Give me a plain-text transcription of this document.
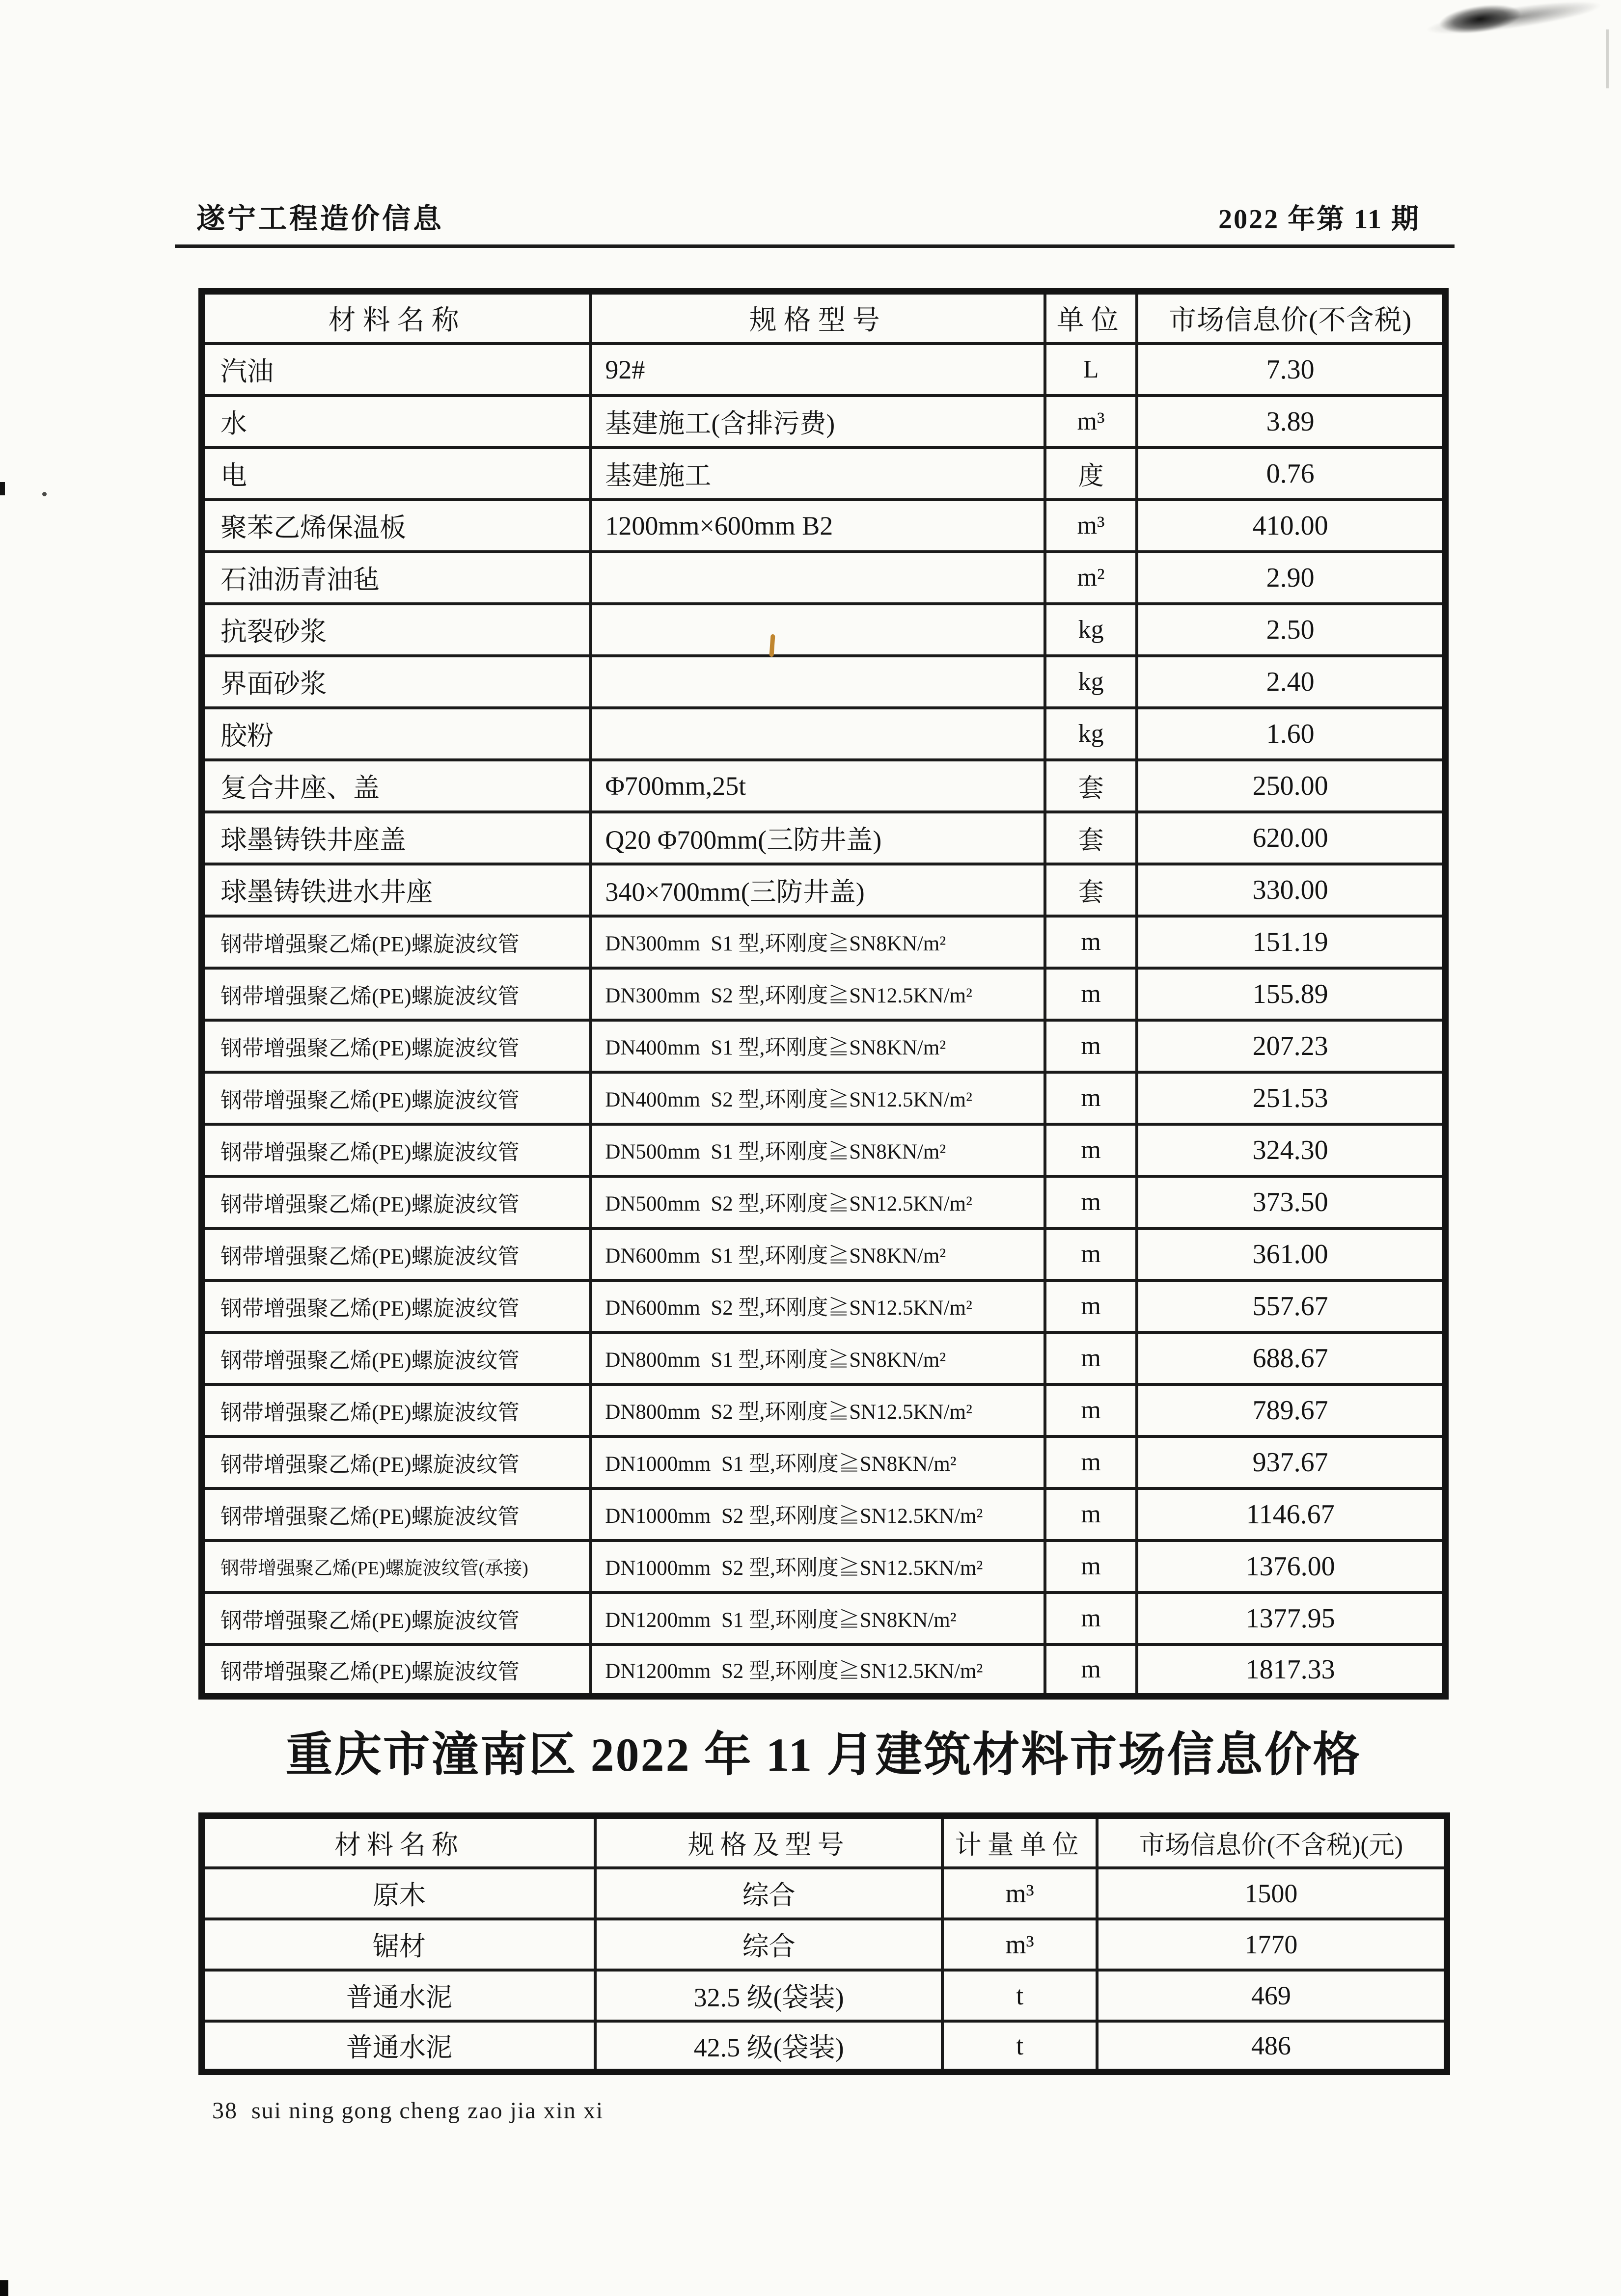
遂宁工程造价信息	2022 年第 11 期
材料名称	规格型号	单位	市场信息价(不含税)
汽油	92#	L	7.30
水	基建施工(含排污费)	m³	3.89
电	基建施工	度	0.76
聚苯乙烯保温板	1200mm×600mm B2	m³	410.00
石油沥青油毡		m²	2.90
抗裂砂浆		kg	2.50
界面砂浆		kg	2.40
胶粉		kg	1.60
复合井座、盖	Φ700mm,25t	套	250.00
球墨铸铁井座盖	Q20 Φ700mm(三防井盖)	套	620.00
球墨铸铁进水井座	340×700mm(三防井盖)	套	330.00
钢带增强聚乙烯(PE)螺旋波纹管	DN300mm  S1 型,环刚度≧SN8KN/m²	m	151.19
钢带增强聚乙烯(PE)螺旋波纹管	DN300mm  S2 型,环刚度≧SN12.5KN/m²	m	155.89
钢带增强聚乙烯(PE)螺旋波纹管	DN400mm  S1 型,环刚度≧SN8KN/m²	m	207.23
钢带增强聚乙烯(PE)螺旋波纹管	DN400mm  S2 型,环刚度≧SN12.5KN/m²	m	251.53
钢带增强聚乙烯(PE)螺旋波纹管	DN500mm  S1 型,环刚度≧SN8KN/m²	m	324.30
钢带增强聚乙烯(PE)螺旋波纹管	DN500mm  S2 型,环刚度≧SN12.5KN/m²	m	373.50
钢带增强聚乙烯(PE)螺旋波纹管	DN600mm  S1 型,环刚度≧SN8KN/m²	m	361.00
钢带增强聚乙烯(PE)螺旋波纹管	DN600mm  S2 型,环刚度≧SN12.5KN/m²	m	557.67
钢带增强聚乙烯(PE)螺旋波纹管	DN800mm  S1 型,环刚度≧SN8KN/m²	m	688.67
钢带增强聚乙烯(PE)螺旋波纹管	DN800mm  S2 型,环刚度≧SN12.5KN/m²	m	789.67
钢带增强聚乙烯(PE)螺旋波纹管	DN1000mm  S1 型,环刚度≧SN8KN/m²	m	937.67
钢带增强聚乙烯(PE)螺旋波纹管	DN1000mm  S2 型,环刚度≧SN12.5KN/m²	m	1146.67
钢带增强聚乙烯(PE)螺旋波纹管(承接)	DN1000mm  S2 型,环刚度≧SN12.5KN/m²	m	1376.00
钢带增强聚乙烯(PE)螺旋波纹管	DN1200mm  S1 型,环刚度≧SN8KN/m²	m	1377.95
钢带增强聚乙烯(PE)螺旋波纹管	DN1200mm  S2 型,环刚度≧SN12.5KN/m²	m	1817.33
重庆市潼南区 2022 年 11 月建筑材料市场信息价格
材料名称	规格及型号	计量单位	市场信息价(不含税)(元)
原木	综合	m³	1500
锯材	综合	m³	1770
普通水泥	32.5 级(袋装)	t	469
普通水泥	42.5 级(袋装)	t	486
38  sui ning gong cheng zao jia xin xi
